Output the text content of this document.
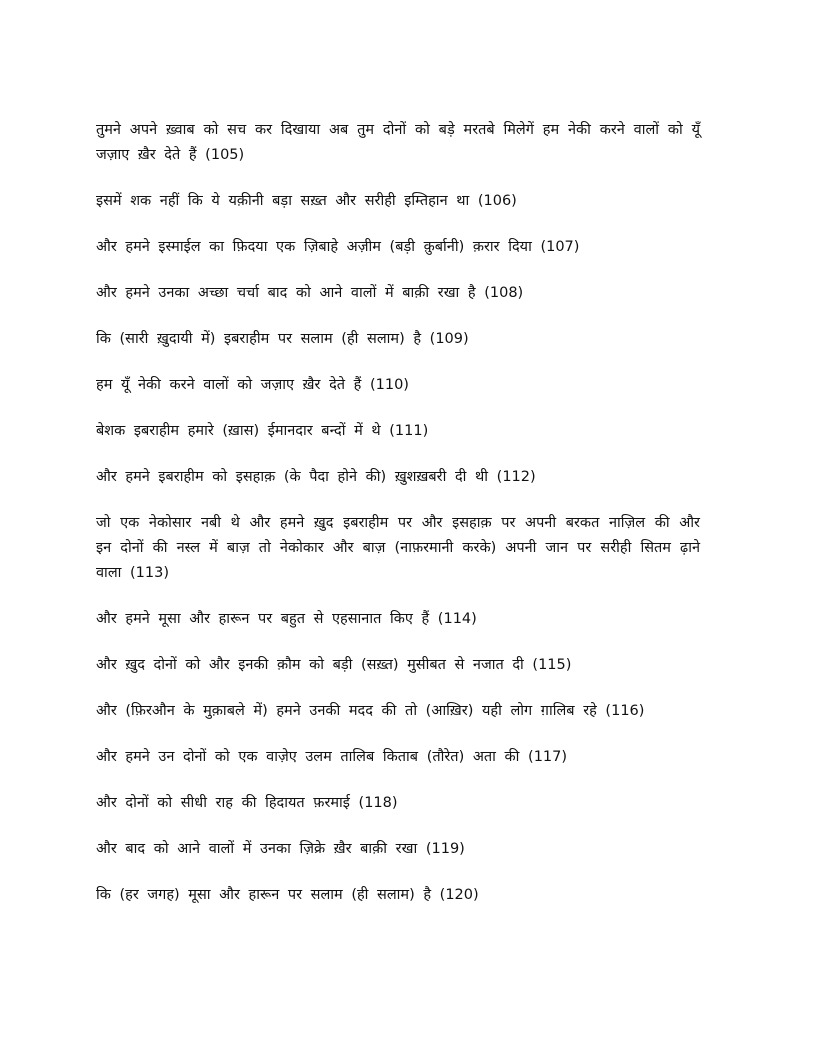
तुमने अपने ख़्वाब को सच कर दिखाया अब तुम दोनों को बड़े मरतबे मिलेगें हम नेकी करने वालों को यूँ जज़ाए ख़ैर देते हैं (105)

इसमें शक नहीं कि ये यक़ीनी बड़ा सख़्त और सरीही इम्तिहान था (106)

और हमने इस्माईल का फ़िदया एक ज़िबाहे अज़ीम (बड़ी क़ुर्बानी) क़रार दिया (107)

और हमने उनका अच्छा चर्चा बाद को आने वालों में बाक़ी रखा है (108)

कि (सारी ख़ुदायी में) इबराहीम पर सलाम (ही सलाम) है (109)

हम यूँ नेकी करने वालों को जज़ाए ख़ैर देते हैं (110)

बेशक इबराहीम हमारे (ख़ास) ईमानदार बन्दों में थे (111)

और हमने इबराहीम को इसहाक़ (के पैदा होने की) ख़ुशख़बरी दी थी (112)

जो एक नेकोसार नबी थे और हमने ख़ुद इबराहीम पर और इसहाक़ पर अपनी बरकत नाज़िल की और इन दोनों की नस्ल में बाज़ तो नेकोकार और बाज़ (नाफ़रमानी करके) अपनी जान पर सरीही सितम ढ़ाने वाला (113)

और हमने मूसा और हारून पर बहुत से एहसानात किए हैं (114)

और ख़ुद दोनों को और इनकी क़ौम को बड़ी (सख़्त) मुसीबत से नजात दी (115)

और (फ़िरऔन के मुक़ाबले में) हमने उनकी मदद की तो (आख़िर) यही लोग ग़ालिब रहे (116)

और हमने उन दोनों को एक वाज़ेए उलम तालिब किताब (तौरेत) अता की (117)

और दोनों को सीधी राह की हिदायत फ़रमाई (118)

और बाद को आने वालों में उनका ज़िक्रे ख़ैर बाक़ी रखा (119)

कि (हर जगह) मूसा और हारून पर सलाम (ही सलाम) है (120)
